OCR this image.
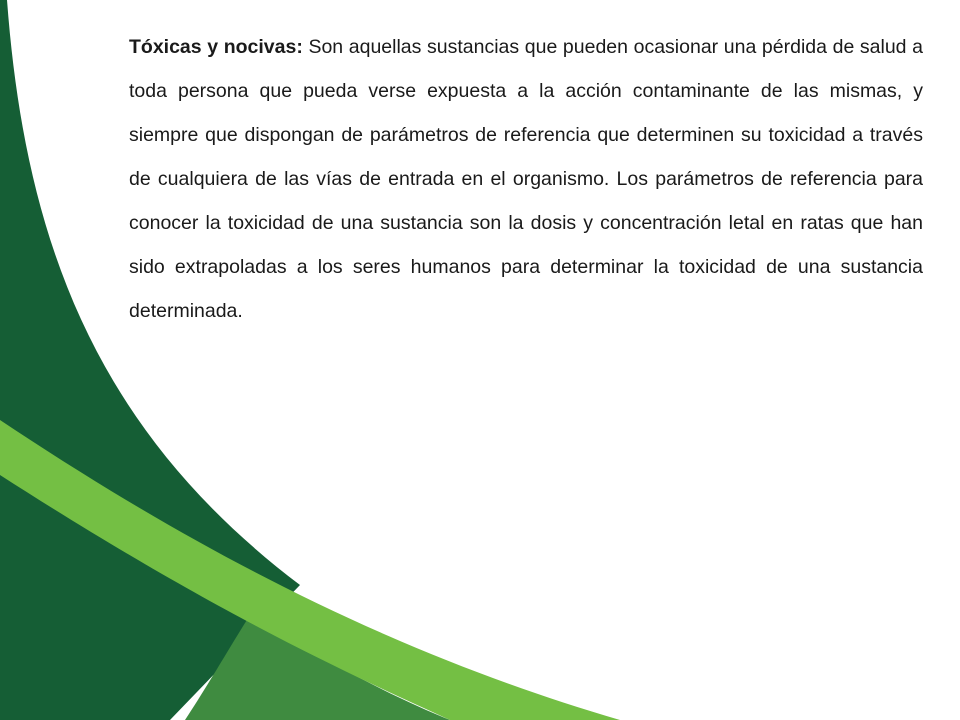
Tóxicas y nocivas: Son aquellas sustancias que pueden ocasionar una pérdida de salud a toda persona que pueda verse expuesta a la acción contaminante de las mismas, y siempre que dispongan de parámetros de referencia que determinen su toxicidad a través de cualquiera de las vías de entrada en el organismo. Los parámetros de referencia para conocer la toxicidad de una sustancia son la dosis y concentración letal en ratas que han sido extrapoladas a los seres humanos para determinar la toxicidad de una sustancia determinada.
